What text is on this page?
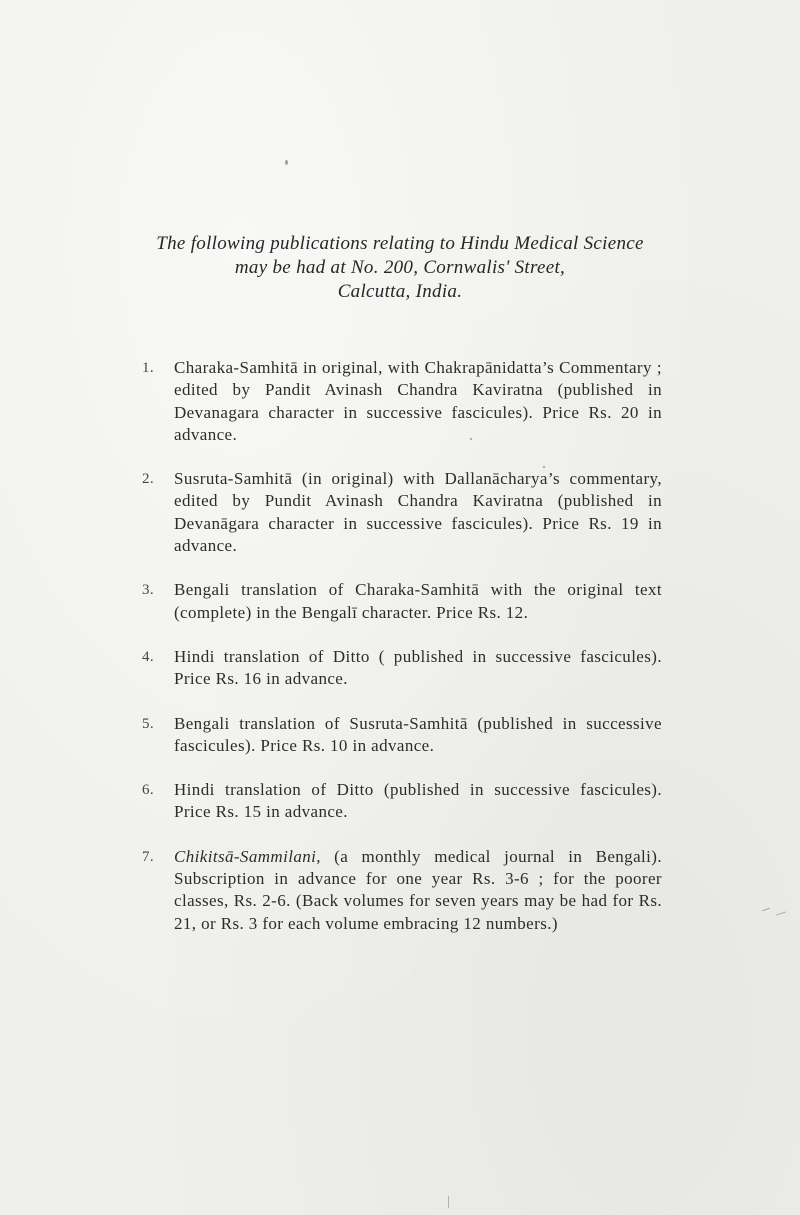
The following publications relating to Hindu Medical Science
may be had at No. 200, Cornwalis' Street,
Calcutta, India.
1.	Charaka-Samhitā in original, with Chakrapānidatta’s Commentary ; edited by Pandit Avinash Chandra Kaviratna (published in Devanagara character in successive fascicules). Price Rs. 20 in advance.
2.	Susruta-Samhitā (in original) with Dallanācharya’s commentary, edited by Pundit Avinash Chandra Kaviratna (published in Devanāgara character in successive fascicules). Price Rs. 19 in advance.
3.	Bengali translation of Charaka-Samhitā with the original text (complete) in the Bengalī character. Price Rs. 12.
4.	Hindi translation of Ditto ( published in successive fascicules). Price Rs. 16 in advance.
5.	Bengali translation of Susruta-Samhitā (published in successive fascicules). Price Rs. 10 in advance.
6.	Hindi translation of Ditto (published in successive fascicules). Price Rs. 15 in advance.
7.	Chikitsā-Sammilani, (a monthly medical journal in Bengali). Subscription in advance for one year Rs. 3-6 ; for the poorer classes, Rs. 2-6. (Back volumes for seven years may be had for Rs. 21, or Rs. 3 for each volume embracing 12 numbers.)
